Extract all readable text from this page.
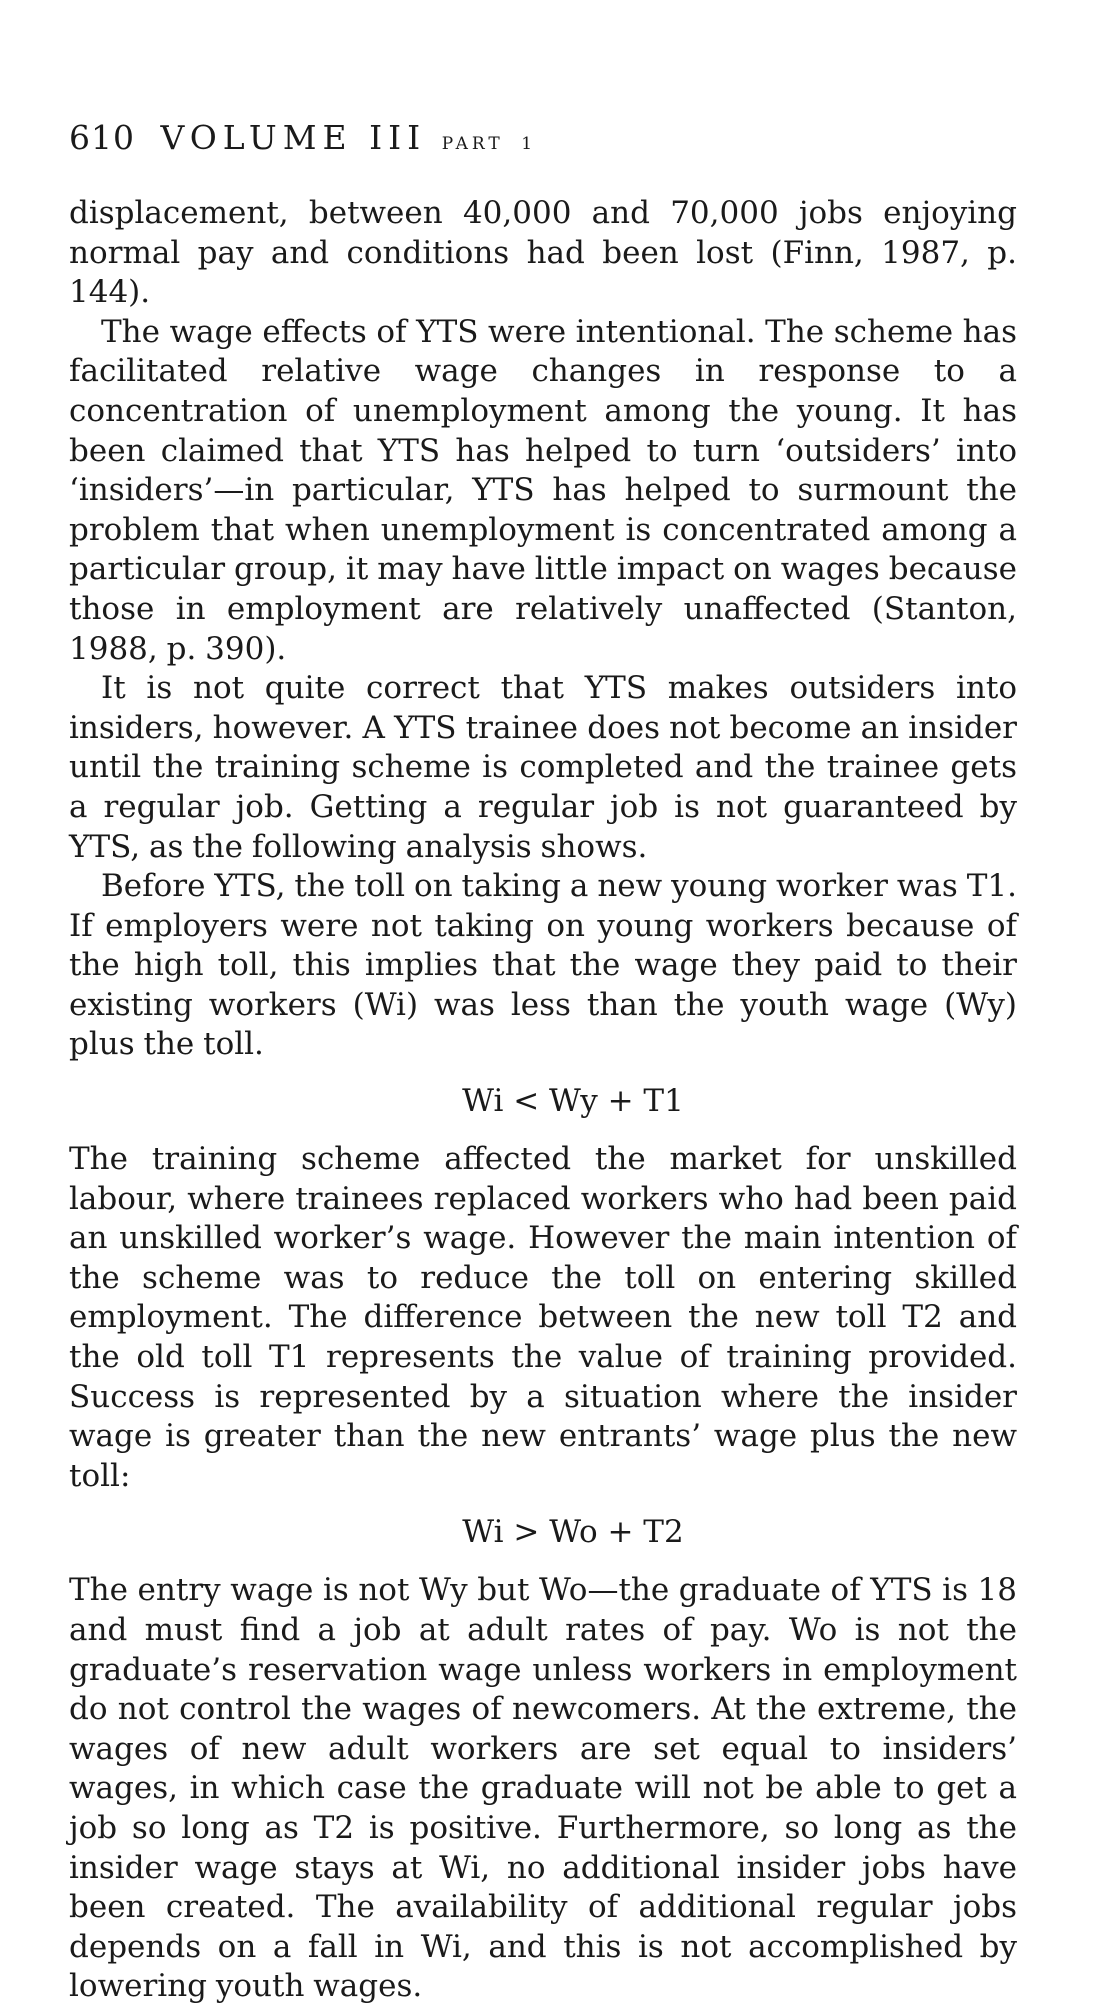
610 VOLUME III PART 1

displacement, between 40,000 and 70,000 jobs enjoying normal pay and conditions had been lost (Finn, 1987, p. 144).

The wage effects of YTS were intentional. The scheme has facilitated relative wage changes in response to a concentration of unemployment among the young. It has been claimed that YTS has helped to turn ‘outsiders’ into ‘insiders’—in particular, YTS has helped to surmount the problem that when unemployment is concentrated among a particular group, it may have little impact on wages because those in employment are relatively unaffected (Stanton, 1988, p. 390).

It is not quite correct that YTS makes outsiders into insiders, however. A YTS trainee does not become an insider until the training scheme is completed and the trainee gets a regular job. Getting a regular job is not guaranteed by YTS, as the following analysis shows.

Before YTS, the toll on taking a new young worker was T1. If employers were not taking on young workers because of the high toll, this implies that the wage they paid to their existing workers (Wi) was less than the youth wage (Wy) plus the toll.

Wi < Wy + T1

The training scheme affected the market for unskilled labour, where trainees replaced workers who had been paid an unskilled worker’s wage. However the main intention of the scheme was to reduce the toll on entering skilled employment. The difference between the new toll T2 and the old toll T1 represents the value of training provided. Success is represented by a situation where the insider wage is greater than the new entrants’ wage plus the new toll:

Wi > Wo + T2

The entry wage is not Wy but Wo—the graduate of YTS is 18 and must find a job at adult rates of pay. Wo is not the graduate’s reservation wage unless workers in employment do not control the wages of newcomers. At the extreme, the wages of new adult workers are set equal to insiders’ wages, in which case the graduate will not be able to get a job so long as T2 is positive. Furthermore, so long as the insider wage stays at Wi, no additional insider jobs have been created. The availability of additional regular jobs depends on a fall in Wi, and this is not accomplished by lowering youth wages.
